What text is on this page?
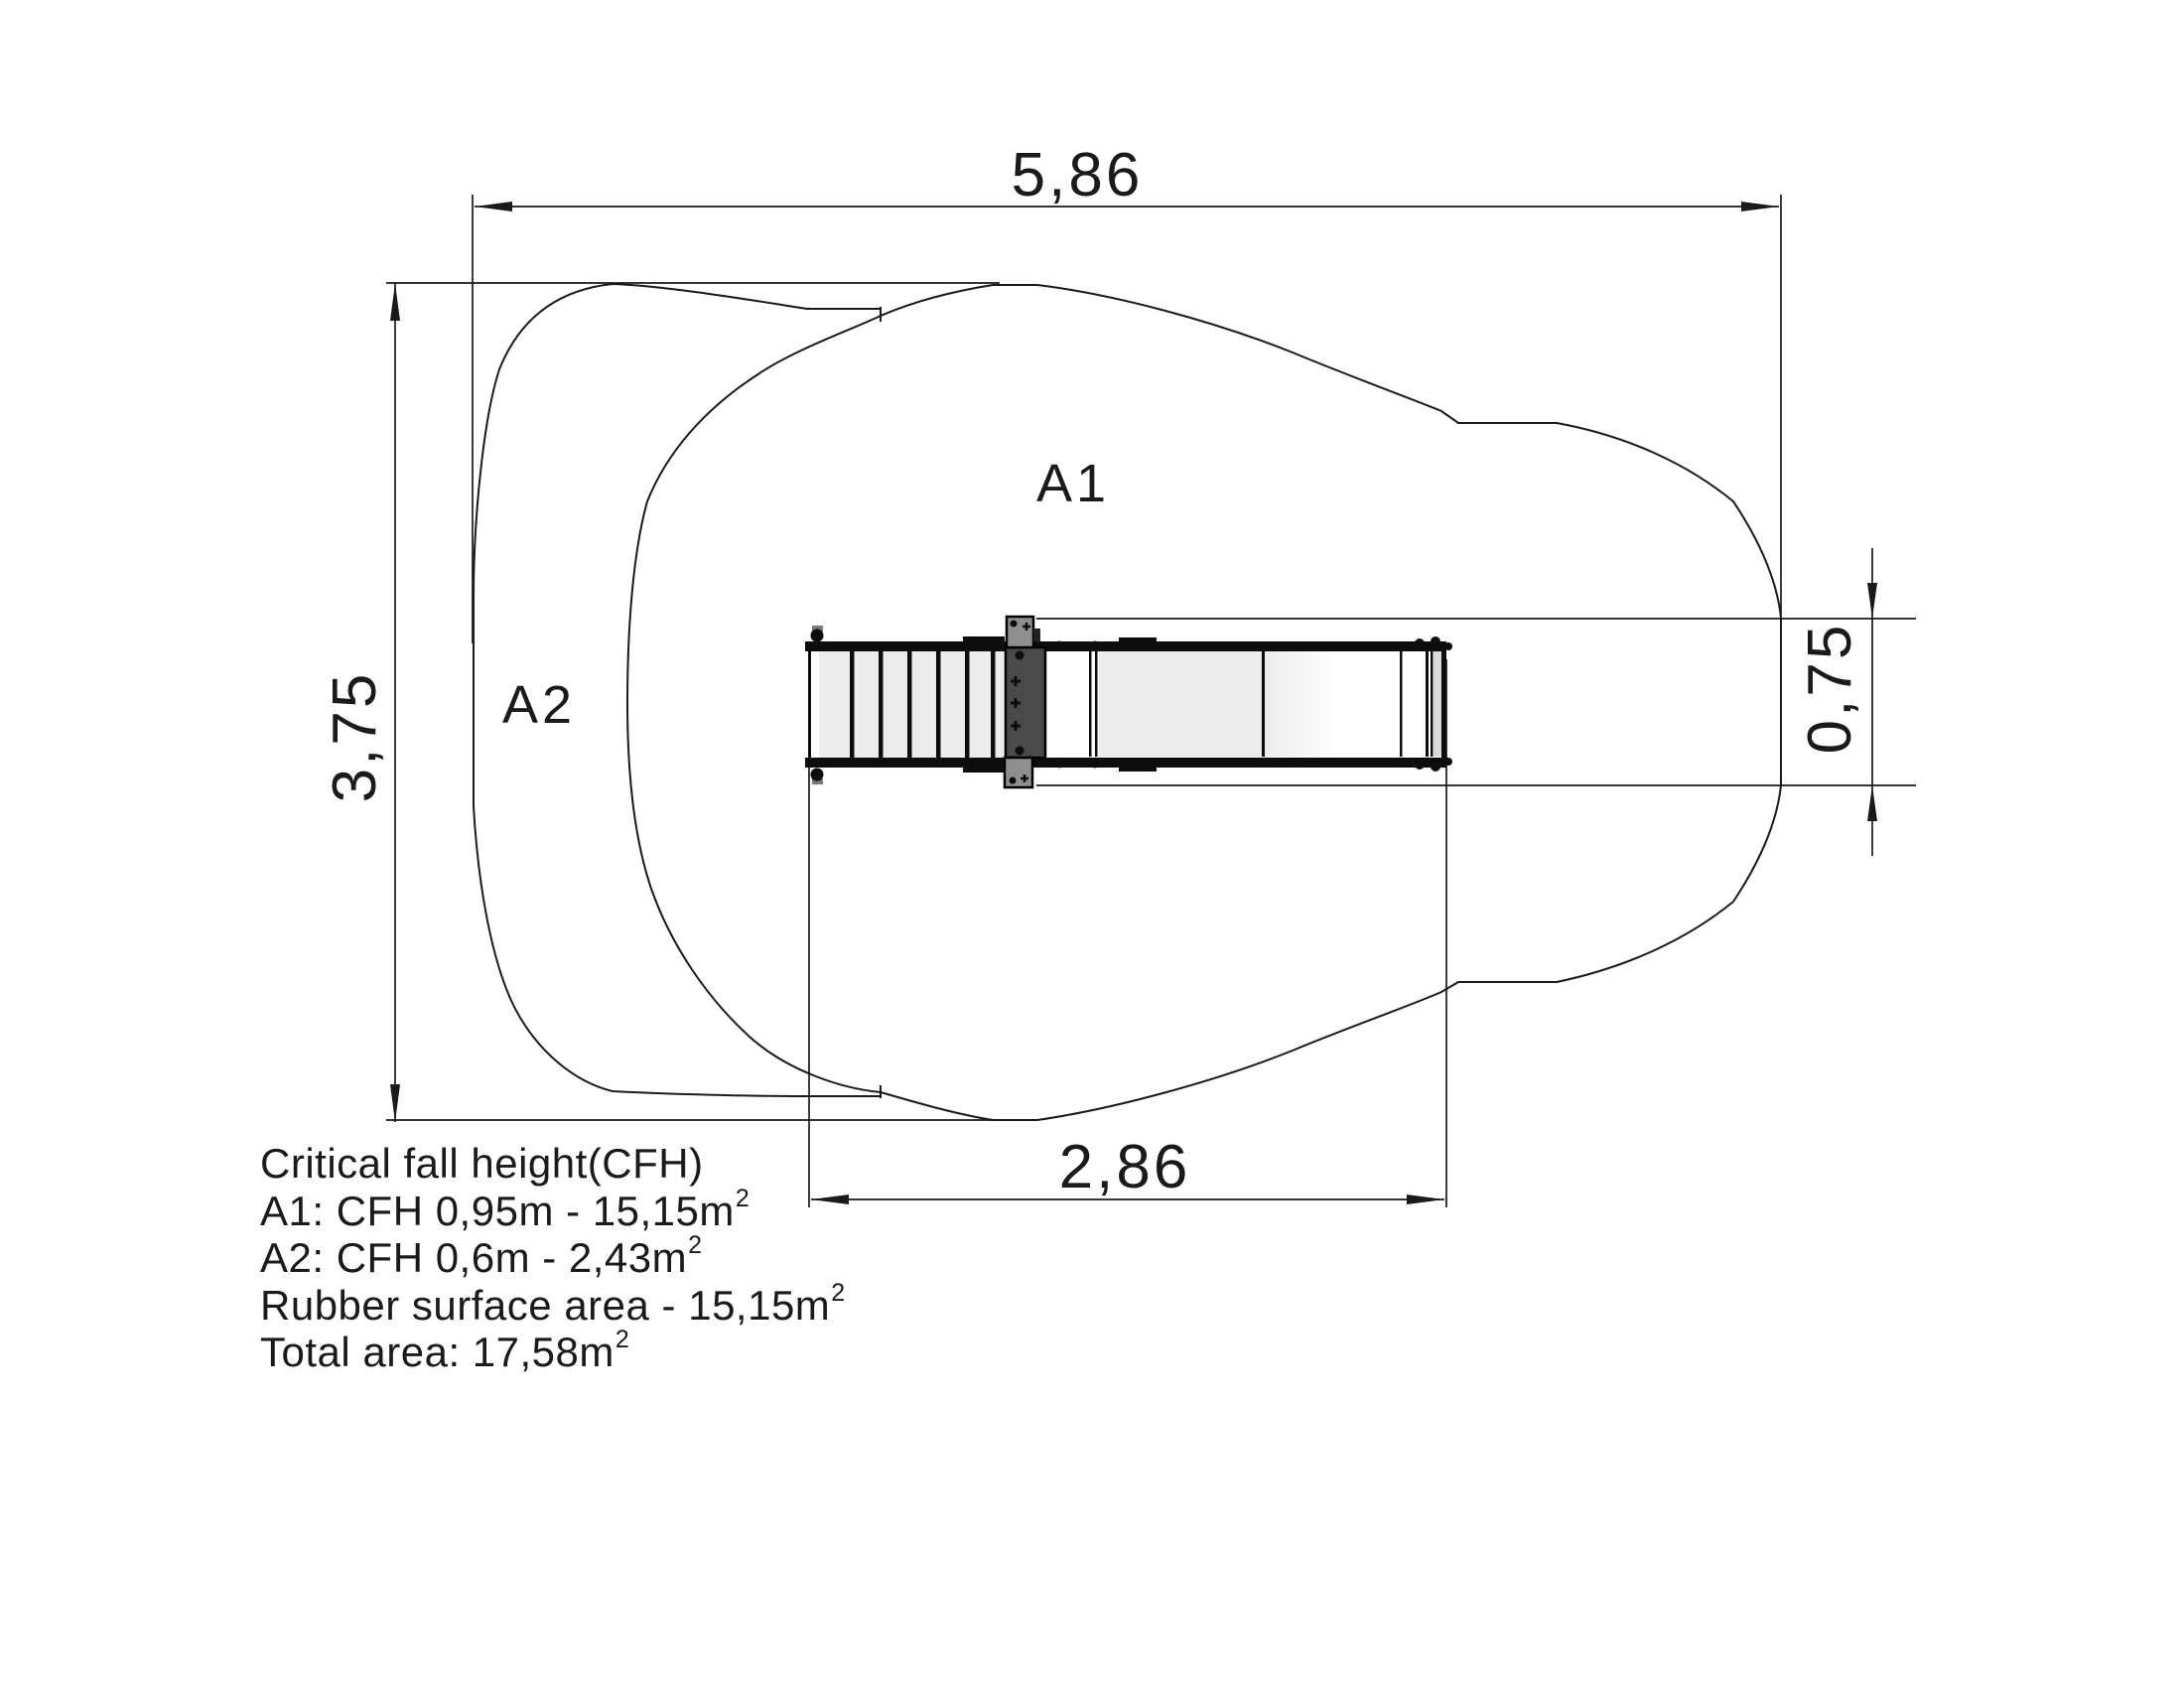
5,86
3,75	0,75
2,86
A1
A2
Critical fall height(CFH)
A1: CFH $0,95m - 15,15m^2$
A2: CFH $0,6m - 2,43m^2$
Rubber surface area - $15,15m^2$
Total area: $17,58m^2$
